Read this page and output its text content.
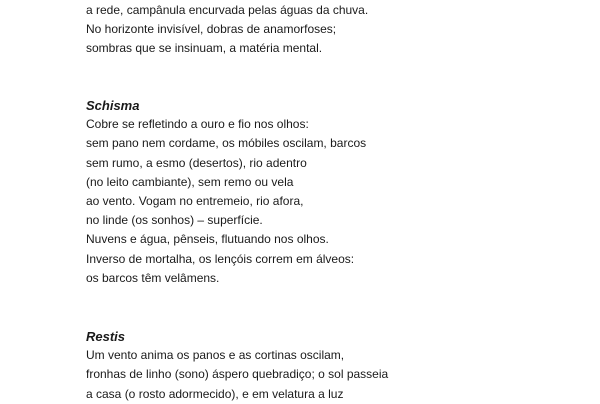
a rede, campânula encurvada pelas águas da chuva.
No horizonte invisível, dobras de anamorfoses;
sombras que se insinuam, a matéria mental.
Schisma
Cobre se refletindo a ouro e fio nos olhos:
sem pano nem cordame, os móbiles oscilam, barcos
sem rumo, a esmo (desertos), rio adentro
(no leito cambiante), sem remo ou vela
ao vento. Vogam no entremeio, rio afora,
no linde (os sonhos) – superfície.
Nuvens e água, pênseis, flutuando nos olhos.
Inverso de mortalha, os lençóis correm em álveos:
os barcos têm velâmens.
Restis
Um vento anima os panos e as cortinas oscilam,
fronhas de linho (sono) áspero quebradiço; o sol passeia
a casa (o rosto adormecido), e em velatura a luz
